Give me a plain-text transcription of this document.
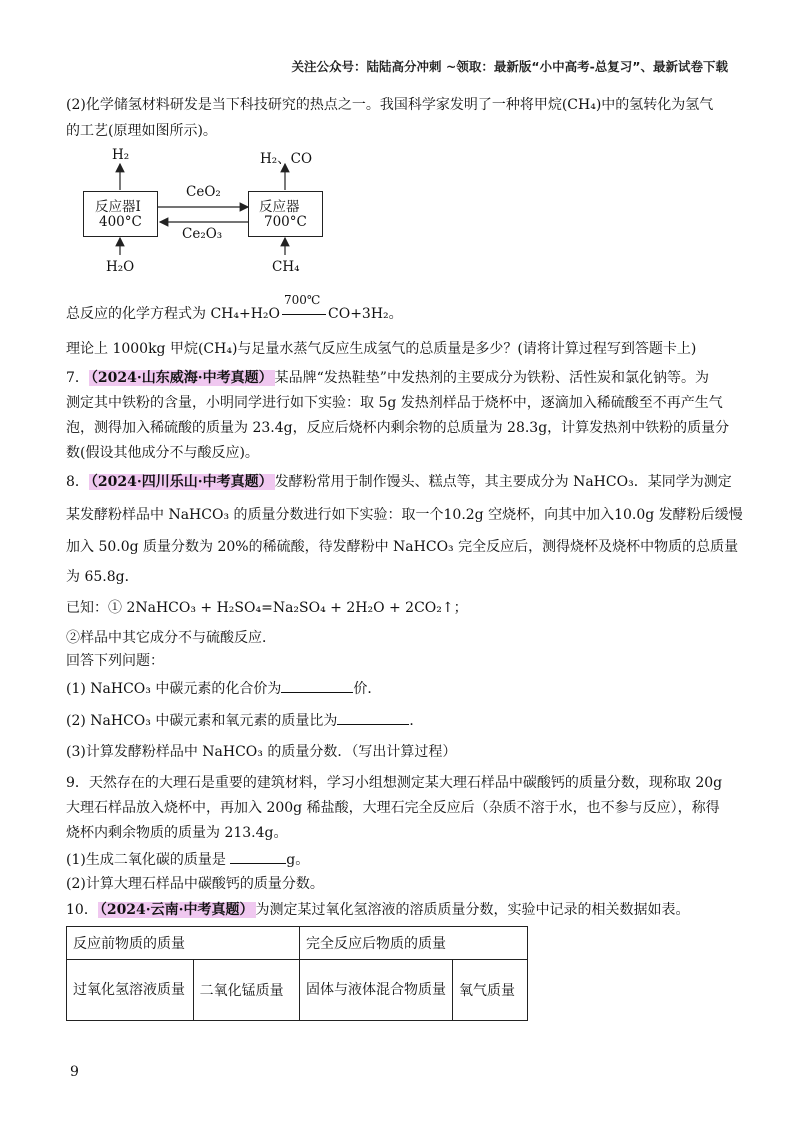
关注公众号：陆陆高分冲刺 ~领取：最新版“小中高考-总复习”、最新试卷下载
(2)化学储氢材料研发是当下科技研究的热点之一。我国科学家发明了一种将甲烷(CH₄)中的氢转化为氢气
的工艺(原理如图所示)。
反应器I
400°C
反应器
700°C
H₂	H₂、CO
H₂O	CH₄
CeO₂
Ce₂O₃
总反应的化学方程式为 CH₄+H₂O
700℃
CO+3H₂。
理论上 1000kg 甲烷(CH₄)与足量水蒸气反应生成氢气的总质量是多少？(请将计算过程写到答题卡上)
7． （2024·山东威海·中考真题） 某品牌“发热鞋垫”中发热剂的主要成分为铁粉、活性炭和氯化钠等。为
测定其中铁粉的含量，小明同学进行如下实验：取 5g 发热剂样品于烧杯中，逐滴加入稀硫酸至不再产生气
泡，测得加入稀硫酸的质量为 23.4g，反应后烧杯内剩余物的总质量为 28.3g，计算发热剂中铁粉的质量分
数(假设其他成分不与酸反应)。
8． （2024·四川乐山·中考真题） 发酵粉常用于制作馒头、糕点等，其主要成分为 NaHCO₃．某同学为测定
某发酵粉样品中 NaHCO₃ 的质量分数进行如下实验：取一个10.2g 空烧杯，向其中加入10.0g 发酵粉后缓慢
加入 50.0g 质量分数为 20%的稀硫酸，待发酵粉中 NaHCO₃ 完全反应后，测得烧杯及烧杯中物质的总质量
为 65.8g．
已知：① 2NaHCO₃ + H₂SO₄=Na₂SO₄ + 2H₂O + 2CO₂↑；
②样品中其它成分不与硫酸反应．
回答下列问题：
(1) NaHCO₃ 中碳元素的化合价为	价．
(2) NaHCO₃ 中碳元素和氧元素的质量比为	．
(3)计算发酵粉样品中 NaHCO₃ 的质量分数．（写出计算过程）
9．天然存在的大理石是重要的建筑材料，学习小组想测定某大理石样品中碳酸钙的质量分数，现称取 20g
大理石样品放入烧杯中，再加入 200g 稀盐酸，大理石完全反应后（杂质不溶于水，也不参与反应），称得
烧杯内剩余物质的质量为 213.4g。
(1)生成二氧化碳的质量是	g。
(2)计算大理石样品中碳酸钙的质量分数。
10． （2024·云南·中考真题） 为测定某过氧化氢溶液的溶质质量分数，实验中记录的相关数据如表。
反应前物质的质量		完全反应后物质的质量	
过氧化氢溶液质量	二氧化锰质量	固体与液体混合物质量	氧气质量
9
